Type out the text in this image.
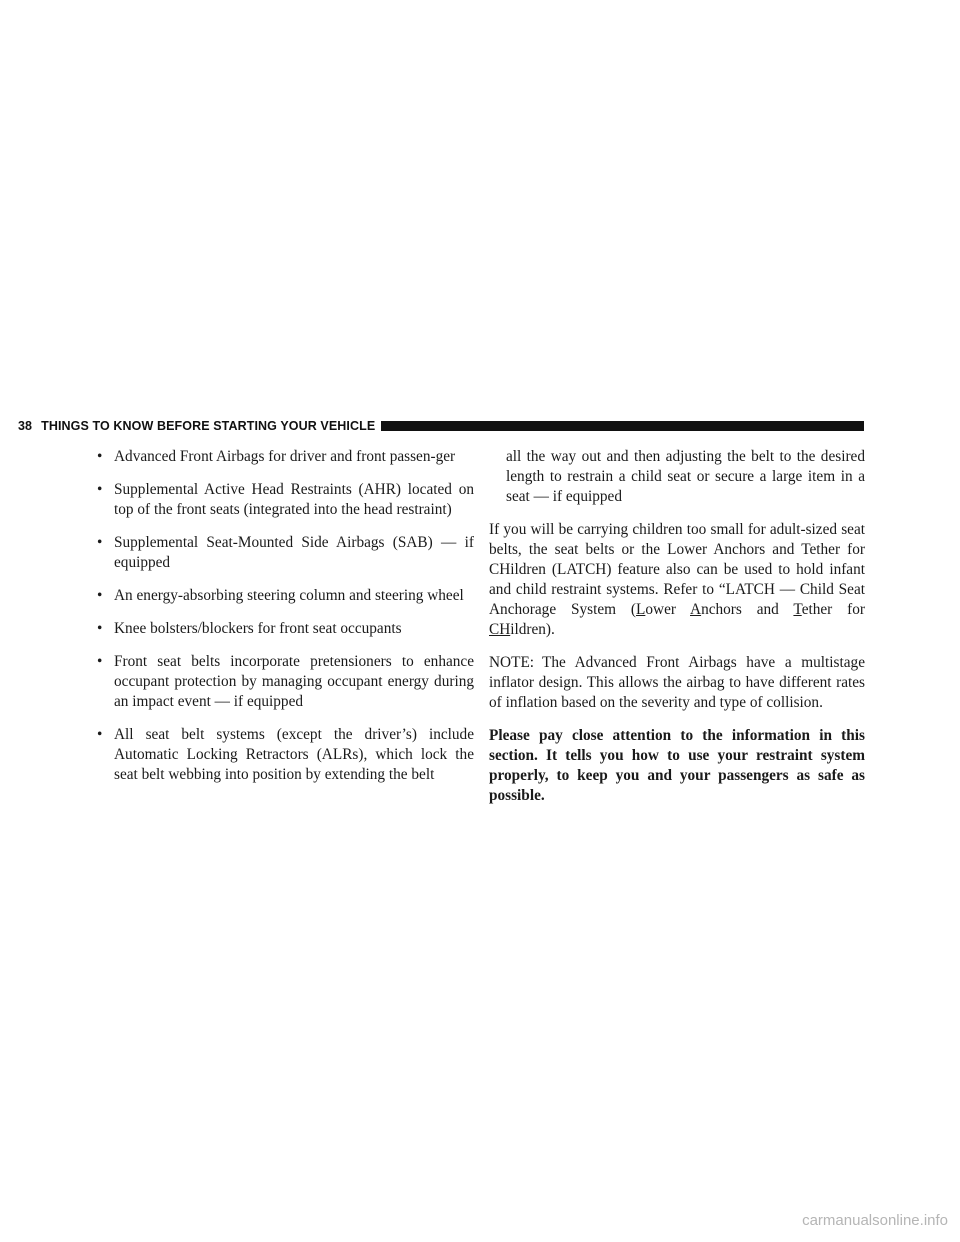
38 THINGS TO KNOW BEFORE STARTING YOUR VEHICLE
• Advanced Front Airbags for driver and front passen-ger
• Supplemental Active Head Restraints (AHR) located on top of the front seats (integrated into the head restraint)
• Supplemental Seat-Mounted Side Airbags (SAB) — if equipped
• An energy-absorbing steering column and steering wheel
• Knee bolsters/blockers for front seat occupants
• Front seat belts incorporate pretensioners to enhance occupant protection by managing occupant energy during an impact event — if equipped
• All seat belt systems (except the driver’s) include Automatic Locking Retractors (ALRs), which lock the seat belt webbing into position by extending the belt

all the way out and then adjusting the belt to the desired length to restrain a child seat or secure a large item in a seat — if equipped

If you will be carrying children too small for adult-sized seat belts, the seat belts or the Lower Anchors and Tether for CHildren (LATCH) feature also can be used to hold infant and child restraint systems. Refer to “LATCH — Child Seat Anchorage System (Lower Anchors and Tether for CHildren).

NOTE: The Advanced Front Airbags have a multistage inflator design. This allows the airbag to have different rates of inflation based on the severity and type of collision.

Please pay close attention to the information in this section. It tells you how to use your restraint system properly, to keep you and your passengers as safe as possible.

carmanualsonline.info
